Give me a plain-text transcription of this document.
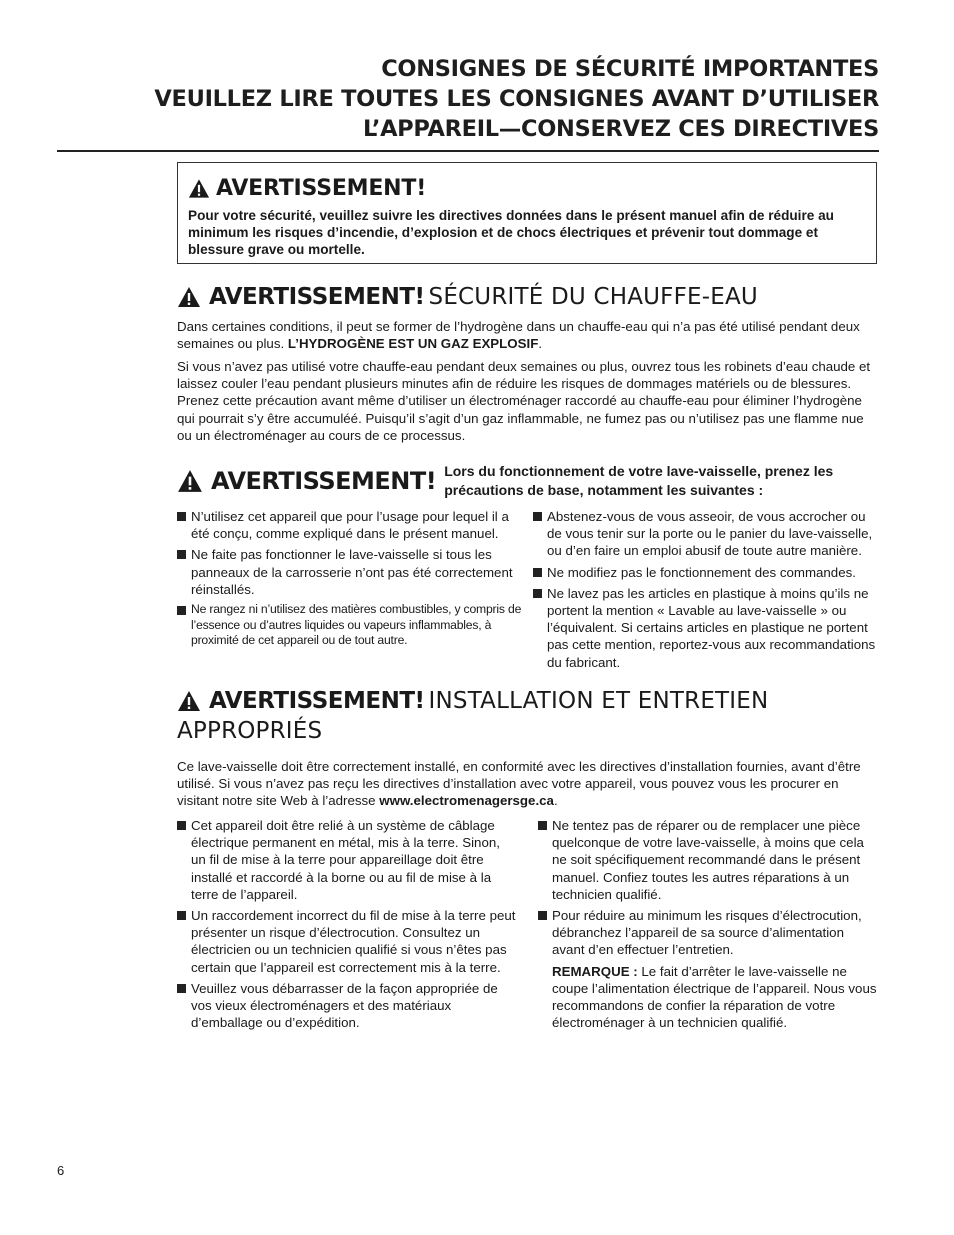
CONSIGNES DE SÉCURITÉ IMPORTANTES
VEUILLEZ LIRE TOUTES LES CONSIGNES AVANT D’UTILISER
L’APPAREIL—CONSERVEZ CES DIRECTIVES
AVERTISSEMENT!
Pour votre sécurité, veuillez suivre les directives données dans le présent manuel afin de réduire au minimum les risques d’incendie, d’explosion et de chocs électriques et prévenir tout dommage et blessure grave ou mortelle.
AVERTISSEMENT! SÉCURITÉ DU CHAUFFE-EAU
Dans certaines conditions, il peut se former de l’hydrogène dans un chauffe-eau qui n’a pas été utilisé pendant deux semaines ou plus. L’HYDROGÈNE EST UN GAZ EXPLOSIF.
Si vous n’avez pas utilisé votre chauffe-eau pendant deux semaines ou plus, ouvrez tous les robinets d’eau chaude et laissez couler l’eau pendant plusieurs minutes afin de réduire les risques de dommages matériels ou de blessures. Prenez cette précaution avant même d’utiliser un électroménager raccordé au chauffe-eau pour éliminer l’hydrogène qui pourrait s’y être accumuléé. Puisqu’il s’agit d’un gaz inflammable, ne fumez pas ou n’utilisez pas une flamme nue ou un électroménager au cours de ce processus.
AVERTISSEMENT! Lors du fonctionnement de votre lave-vaisselle, prenez les
précautions de base, notamment les suivantes :
N’utilisez cet appareil que pour l’usage pour lequel il a été conçu, comme expliqué dans le présent manuel.
Ne faite pas fonctionner le lave-vaisselle si tous les panneaux de la carrosserie n’ont pas été correctement réinstallés.
Ne rangez ni n’utilisez des matières combustibles, y compris de l’essence ou d’autres liquides ou vapeurs inflammables, à proximité de cet appareil ou de tout autre.
Abstenez-vous de vous asseoir, de vous accrocher ou de vous tenir sur la porte ou le panier du lave-vaisselle, ou d’en faire un emploi abusif de toute autre manière.
Ne modifiez pas le fonctionnement des commandes.
Ne lavez pas les articles en plastique à moins qu’ils ne portent la mention « Lavable au lave-vaisselle » ou l’équivalent. Si certains articles en plastique ne portent pas cette mention, reportez-vous aux recommandations du fabricant.
AVERTISSEMENT! INSTALLATION ET ENTRETIEN
APPROPRIÉS
Ce lave-vaisselle doit être correctement installé, en conformité avec les directives d’installation fournies, avant d’être utilisé. Si vous n’avez pas reçu les directives d’installation avec votre appareil, vous pouvez vous les procurer en visitant notre site Web à l’adresse www.electromenagersge.ca.
Cet appareil doit être relié à un système de câblage électrique permanent en métal, mis à la terre. Sinon, un fil de mise à la terre pour appareillage doit être installé et raccordé à la borne ou au fil de mise à la terre de l’appareil.
Un raccordement incorrect du fil de mise à la terre peut présenter un risque d’électrocution. Consultez un électricien ou un technicien qualifié si vous n’êtes pas certain que l’appareil est correctement mis à la terre.
Veuillez vous débarrasser de la façon appropriée de vos vieux électroménagers et des matériaux d’emballage ou d’expédition.
Ne tentez pas de réparer ou de remplacer une pièce quelconque de votre lave-vaisselle, à moins que cela ne soit spécifiquement recommandé dans le présent manuel. Confiez toutes les autres réparations à un technicien qualifié.
Pour réduire au minimum les risques d’électrocution, débranchez l’appareil de sa source d’alimentation avant d’en effectuer l’entretien.
REMARQUE : Le fait d’arrêter le lave-vaisselle ne coupe l’alimentation électrique de l’appareil. Nous vous recommandons de confier la réparation de votre électroménager à un technicien qualifié.
6
